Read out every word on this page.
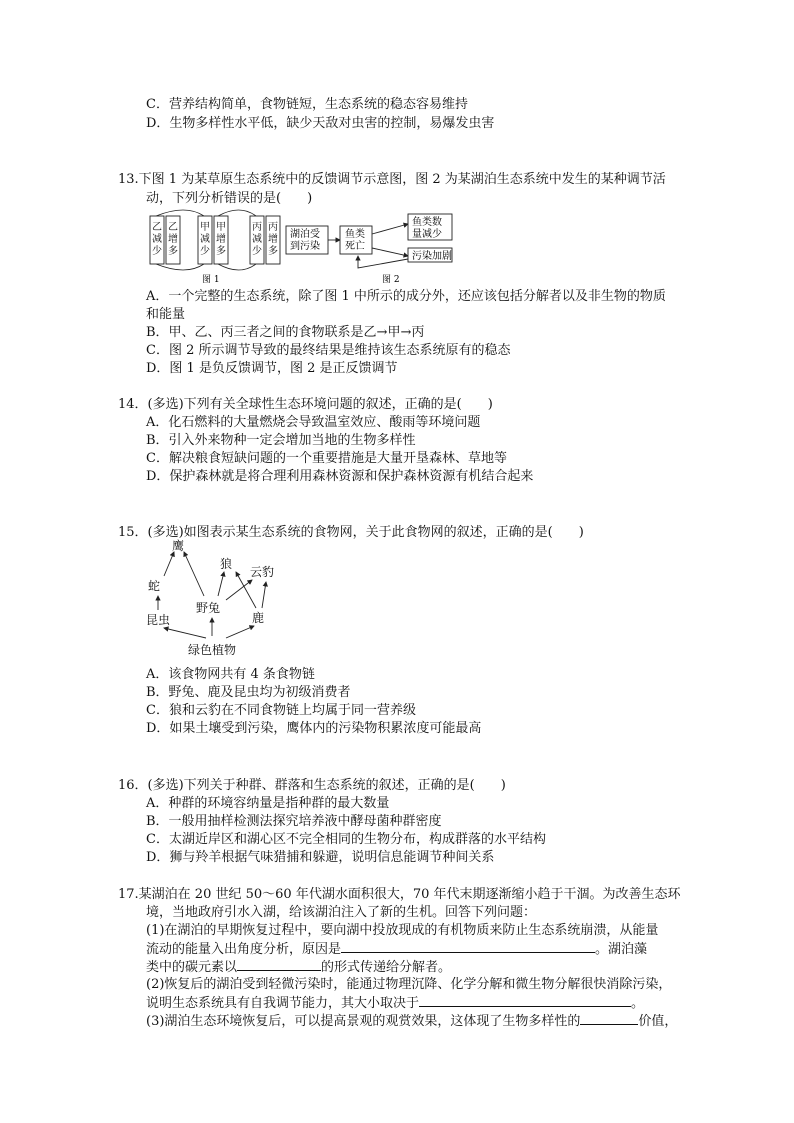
C．营养结构简单，食物链短，生态系统的稳态容易维持
D．生物多样性水平低，缺少天敌对虫害的控制，易爆发虫害
13.下图 1 为某草原生态系统中的反馈调节示意图，图 2 为某湖泊生态系统中发生的某种调节活
动，下列分析错误的是(　　)
乙
减
少
乙
增
多
甲
减
少
甲
增
多
丙
减
少
丙
增
多
图 1
湖泊受
到污染
鱼类
死亡
鱼类数
量减少
污染加剧
图 2
A．一个完整的生态系统，除了图 1 中所示的成分外，还应该包括分解者以及非生物的物质
和能量
B．甲、乙、丙三者之间的食物联系是乙→甲→丙
C．图 2 所示调节导致的最终结果是维持该生态系统原有的稳态
D．图 1 是负反馈调节，图 2 是正反馈调节
14．(多选)下列有关全球性生态环境问题的叙述，正确的是(　　)
A．化石燃料的大量燃烧会导致温室效应、酸雨等环境问题
B．引入外来物种一定会增加当地的生物多样性
C．解决粮食短缺问题的一个重要措施是大量开垦森林、草地等
D．保护森林就是将合理利用森林资源和保护森林资源有机结合起来
15．(多选)如图表示某生态系统的食物网，关于此食物网的叙述，正确的是(　　)
鹰
蛇
狼
云豹
野兔
昆虫	鹿
绿色植物
A．该食物网共有 4 条食物链
B．野兔、鹿及昆虫均为初级消费者
C．狼和云豹在不同食物链上均属于同一营养级
D．如果土壤受到污染，鹰体内的污染物积累浓度可能最高
16．(多选)下列关于种群、群落和生态系统的叙述，正确的是(　　)
A．种群的环境容纳量是指种群的最大数量
B．一般用抽样检测法探究培养液中酵母菌种群密度
C．太湖近岸区和湖心区不完全相同的生物分布，构成群落的水平结构
D．狮与羚羊根据气味猎捕和躲避，说明信息能调节种间关系
17.某湖泊在 20 世纪 50～60 年代湖水面积很大，70 年代末期逐渐缩小趋于干涸。为改善生态环
境，当地政府引水入湖，给该湖泊注入了新的生机。回答下列问题：
(1)在湖泊的早期恢复过程中，要向湖中投放现成的有机物质来防止生态系统崩溃，从能量
流动的能量入出角度分析，原因是	。湖泊藻
类中的碳元素以	的形式传递给分解者。
(2)恢复后的湖泊受到轻微污染时，能通过物理沉降、化学分解和微生物分解很快消除污染，
说明生态系统具有自我调节能力，其大小取决于	。
(3)湖泊生态环境恢复后，可以提高景观的观赏效果，这体现了生物多样性的	价值，
